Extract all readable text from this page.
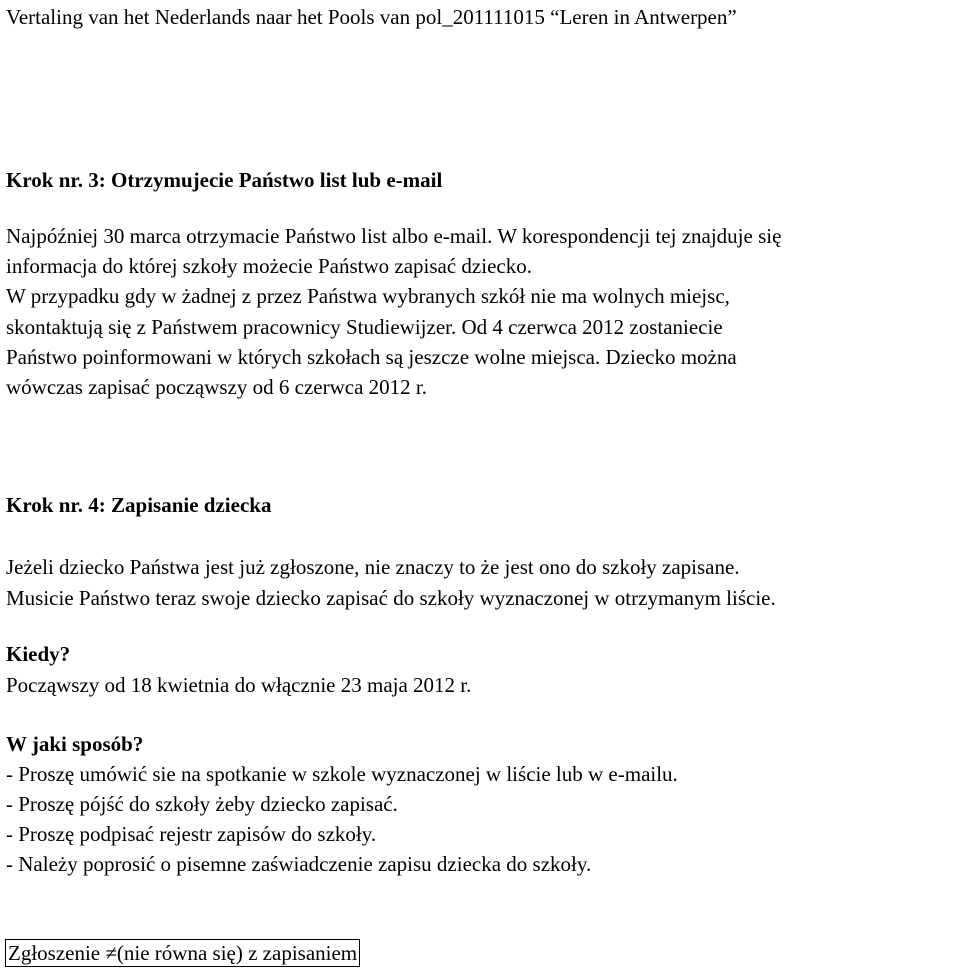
Vertaling van het Nederlands naar het Pools van pol_201111015 “Leren in Antwerpen”
Krok nr. 3: Otrzymujecie Państwo list lub e-mail
Najpóźniej 30 marca otrzymacie Państwo list albo e-mail. W korespondencji tej znajduje się
informacja do której szkoły możecie Państwo zapisać dziecko.
W przypadku gdy w żadnej z przez Państwa wybranych szkół nie ma wolnych miejsc,
skontaktują się z Państwem pracownicy Studiewijzer. Od 4 czerwca 2012 zostaniecie
Państwo poinformowani w których szkołach są jeszcze wolne miejsca. Dziecko można
wówczas zapisać począwszy od 6 czerwca 2012 r.
Krok nr. 4: Zapisanie dziecka
Jeżeli dziecko Państwa jest już zgłoszone, nie znaczy to że jest ono do szkoły zapisane.
Musicie Państwo teraz swoje dziecko zapisać do szkoły wyznaczonej w otrzymanym liście.
Kiedy?
Począwszy od 18 kwietnia do włącznie 23 maja 2012 r.
W jaki sposób?
- Proszę umówić sie na spotkanie w szkole wyznaczonej w liście lub w e-mailu.
- Proszę pójść do szkoły żeby dziecko zapisać.
- Proszę podpisać rejestr zapisów do szkoły.
- Należy poprosić o pisemne zaświadczenie zapisu dziecka do szkoły.
Zgłoszenie ≠(nie równa się) z zapisaniem
